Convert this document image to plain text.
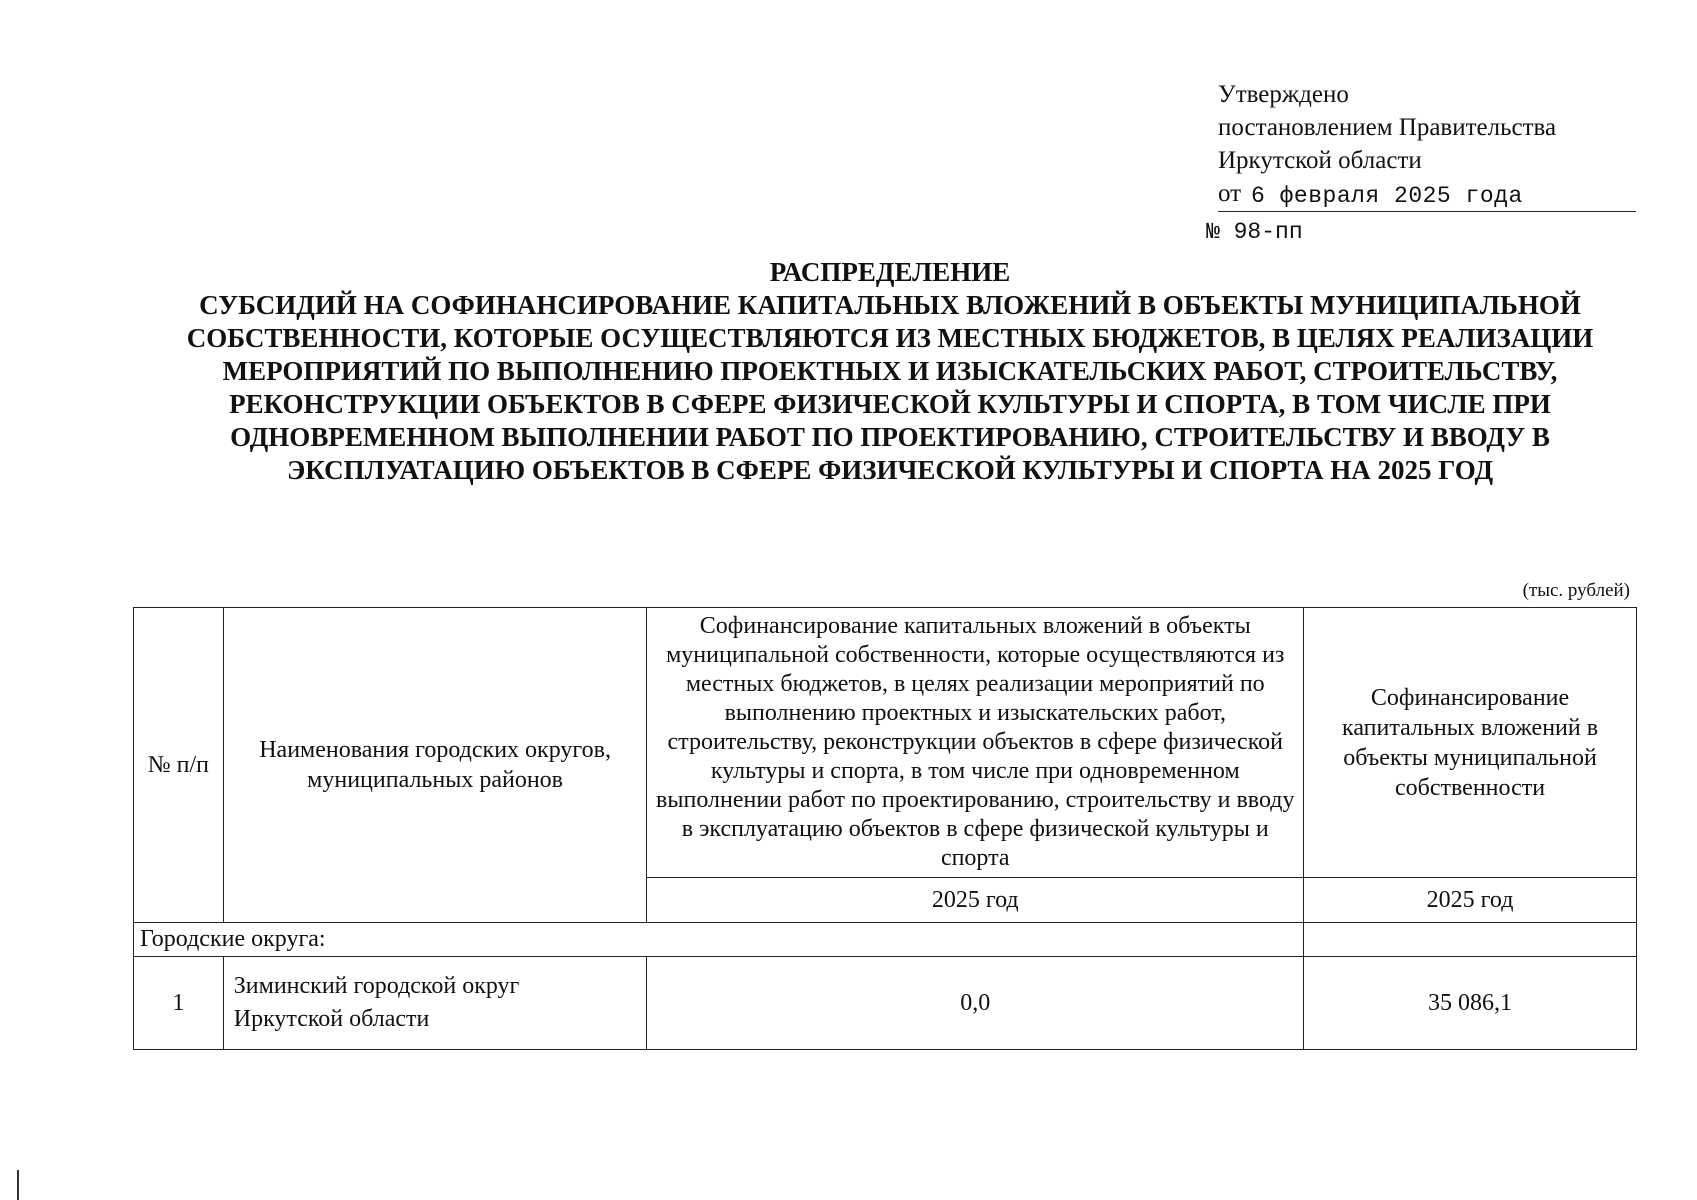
Утверждено
постановлением Правительства
Иркутской области
от 6 февраля 2025 года
№ 98-пп
РАСПРЕДЕЛЕНИЕ
СУБСИДИЙ НА СОФИНАНСИРОВАНИЕ КАПИТАЛЬНЫХ ВЛОЖЕНИЙ В ОБЪЕКТЫ МУНИЦИПАЛЬНОЙ СОБСТВЕННОСТИ, КОТОРЫЕ ОСУЩЕСТВЛЯЮТСЯ ИЗ МЕСТНЫХ БЮДЖЕТОВ, В ЦЕЛЯХ РЕАЛИЗАЦИИ МЕРОПРИЯТИЙ ПО ВЫПОЛНЕНИЮ ПРОЕКТНЫХ И ИЗЫСКАТЕЛЬСКИХ РАБОТ, СТРОИТЕЛЬСТВУ, РЕКОНСТРУКЦИИ ОБЪЕКТОВ В СФЕРЕ ФИЗИЧЕСКОЙ КУЛЬТУРЫ И СПОРТА, В ТОМ ЧИСЛЕ ПРИ ОДНОВРЕМЕННОМ ВЫПОЛНЕНИИ РАБОТ ПО ПРОЕКТИРОВАНИЮ, СТРОИТЕЛЬСТВУ И ВВОДУ В ЭКСПЛУАТАЦИЮ ОБЪЕКТОВ В СФЕРЕ ФИЗИЧЕСКОЙ КУЛЬТУРЫ И СПОРТА НА 2025 ГОД
(тыс. рублей)
№ п/п	Наименования городских округов, муниципальных районов	Софинансирование капитальных вложений в объекты муниципальной собственности, которые осуществляются из местных бюджетов, в целях реализации мероприятий по выполнению проектных и изыскательских работ, строительству, реконструкции объектов в сфере физической культуры и спорта, в том числе при одновременном выполнении работ по проектированию, строительству и вводу в эксплуатацию объектов в сфере физической культуры и спорта	Софинансирование капитальных вложений в объекты муниципальной собственности
		2025 год	2025 год
Городские округа:			
1	Зиминский городской округ
Иркутской области	0,0	35 086,1
